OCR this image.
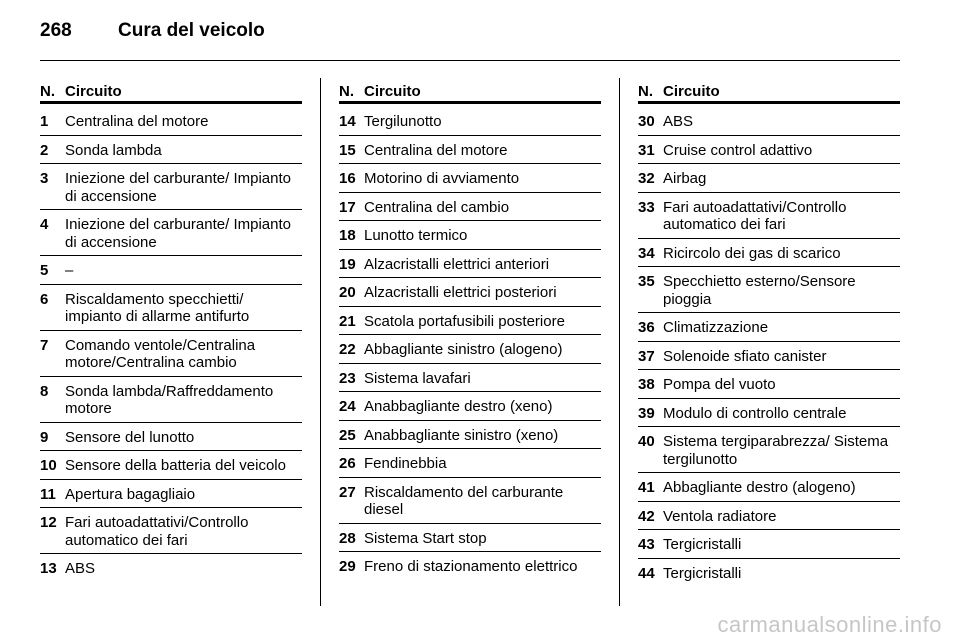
268	Cura del veicolo
N. Circuito
1	Centralina del motore
2	Sonda lambda
3	Iniezione del carburante/ Impianto di accensione
4	Iniezione del carburante/ Impianto di accensione
5	–
6	Riscaldamento specchietti/ impianto di allarme antifurto
7	Comando ventole/Centralina motore/Centralina cambio
8	Sonda lambda/Raffreddamento motore
9	Sensore del lunotto
10 Sensore della batteria del veicolo
11 Apertura bagagliaio
12 Fari autoadattativi/Controllo automatico dei fari
13 ABS
N. Circuito
14 Tergilunotto
15 Centralina del motore
16 Motorino di avviamento
17 Centralina del cambio
18 Lunotto termico
19 Alzacristalli elettrici anteriori
20 Alzacristalli elettrici posteriori
21 Scatola portafusibili posteriore
22 Abbagliante sinistro (alogeno)
23 Sistema lavafari
24 Anabbagliante destro (xeno)
25 Anabbagliante sinistro (xeno)
26 Fendinebbia
27 Riscaldamento del carburante diesel
28 Sistema Start stop
29 Freno di stazionamento elettrico
N. Circuito
30 ABS
31 Cruise control adattivo
32 Airbag
33 Fari autoadattativi/Controllo automatico dei fari
34 Ricircolo dei gas di scarico
35 Specchietto esterno/Sensore pioggia
36 Climatizzazione
37 Solenoide sfiato canister
38 Pompa del vuoto
39 Modulo di controllo centrale
40 Sistema tergiparabrezza/ Sistema tergilunotto
41 Abbagliante destro (alogeno)
42 Ventola radiatore
43 Tergicristalli
44 Tergicristalli
carmanualsonline.info
